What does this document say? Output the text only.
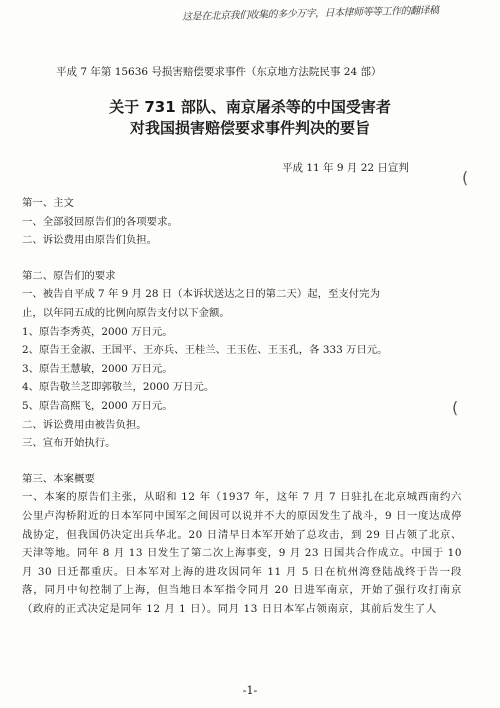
这是在北京我们收集的多少万字，日本律师等等工作的翻译稿
平成 7 年第 15636 号损害赔偿要求事件（东京地方法院民事 24 部）
关于 731 部队、南京屠杀等的中国受害者
对我国损害赔偿要求事件判决的要旨
平成 11 年 9 月 22 日宣判	(
(

第一、主文

一、全部驳回原告们的各项要求。

二、诉讼费用由原告们负担。

第二、原告们的要求

一、被告自平成 7 年 9 月 28 日（本诉状送达之日的第二天）起，至支付完为

止，以年同五成的比例向原告支付以下金额。

1、原告李秀英，2000 万日元。

2、原告王金淑、王国平、王亦兵、王桂兰、王玉佐、王玉孔，各 333 万日元。

3、原告王慧敏，2000 万日元。

4、原告敬兰芝即郭敬兰，2000 万日元。

5、原告高熙飞，2000 万日元。

二、诉讼费用由被告负担。

三、宣布开始执行。

第三、本案概要

一、本案的原告们主张，从昭和 12 年（1937 年，这年 7 月 7 日驻扎在北京城西南约六公里卢沟桥附近的日本军同中国军之间因可以说并不大的原因发生了战斗，9 日一度达成停战协定，但我国仍决定出兵华北。20 日清早日本军开始了总攻击，到 29 日占领了北京、天津等地。同年 8 月 13 日发生了第二次上海事变，9 月 23 日国共合作成立。中国于 10 月 30 日迁都重庆。日本军对上海的进攻因同年 11 月 5 日在杭州湾登陆战终于告一段落，同月中旬控制了上海，但当地日本军指令同月 20 日进军南京，开始了强行攻打南京（政府的正式决定是同年 12 月 1 日）。同月 13 日日本军占领南京，其前后发生了人

-1-
